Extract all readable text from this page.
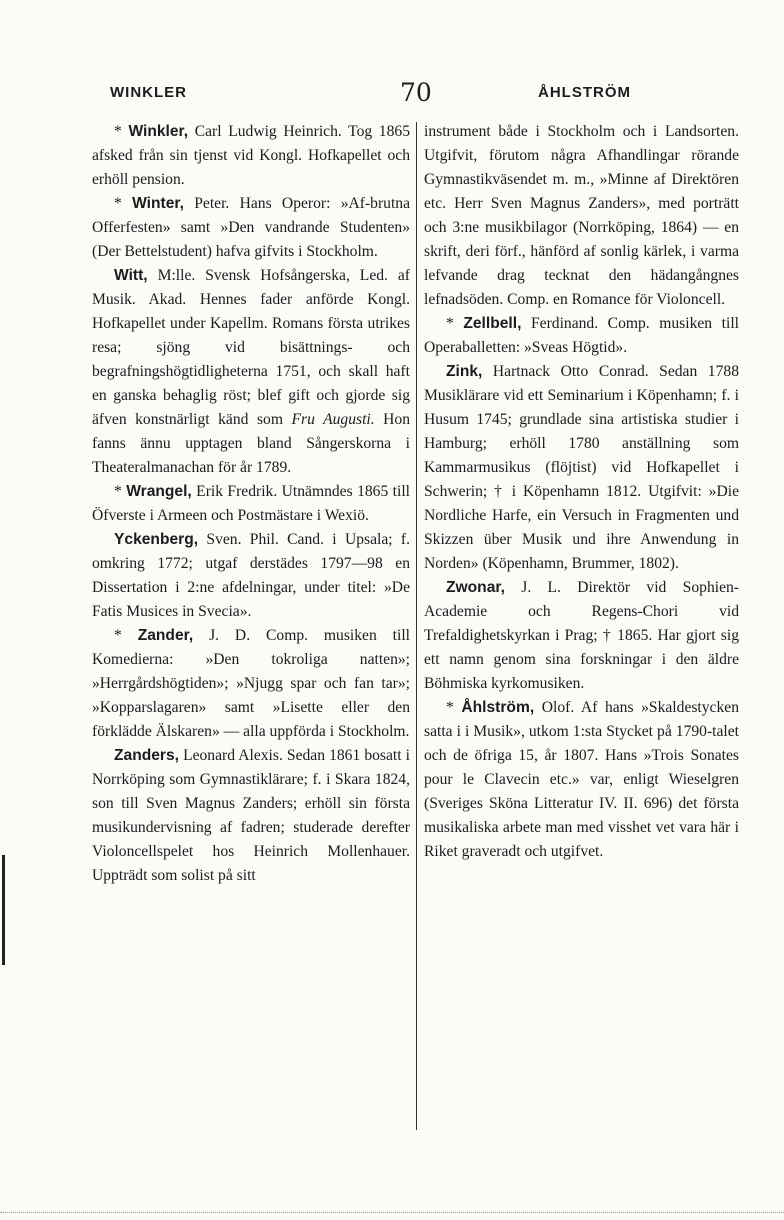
WINKLER	70	ÅHLSTRÖM

* Winkler, Carl Ludwig Heinrich. Tog 1865 afsked från sin tjenst vid Kongl. Hofkapellet och erhöll pension.

* Winter, Peter. Hans Operor: »Af-brutna Offerfesten» samt »Den vandrande Studenten» (Der Bettelstudent) hafva gifvits i Stockholm.

Witt, M:lle. Svensk Hofsångerska, Led. af Musik. Akad. Hennes fader anförde Kongl. Hofkapellet under Kapellm. Romans första utrikes resa; sjöng vid bisättnings- och begrafningshögtidligheterna 1751, och skall haft en ganska behaglig röst; blef gift och gjorde sig äfven konstnärligt känd som Fru Augusti. Hon fanns ännu upptagen bland Sångerskorna i Theateralmanachan för år 1789.

* Wrangel, Erik Fredrik. Utnämndes 1865 till Öfverste i Armeen och Postmästare i Wexiö.

Yckenberg, Sven. Phil. Cand. i Upsala; f. omkring 1772; utgaf derstädes 1797—98 en Dissertation i 2:ne afdelningar, under titel: »De Fatis Musices in Svecia».

* Zander, J. D. Comp. musiken till Komedierna: »Den tokroliga natten»; »Herrgårdshögtiden»; »Njugg spar och fan tar»; »Kopparslagaren» samt »Lisette eller den förklädde Älskaren» — alla uppförda i Stockholm.

Zanders, Leonard Alexis. Sedan 1861 bosatt i Norrköping som Gymnastiklärare; f. i Skara 1824, son till Sven Magnus Zanders; erhöll sin första musikundervisning af fadren; studerade derefter Violoncellspelet hos Heinrich Mollenhauer. Uppträdt som solist på sitt

instrument både i Stockholm och i Landsorten. Utgifvit, förutom några Afhandlingar rörande Gymnastikväsendet m. m., »Minne af Direktören etc. Herr Sven Magnus Zanders», med porträtt och 3:ne musikbilagor (Norrköping, 1864) — en skrift, deri förf., hänförd af sonlig kärlek, i varma lefvande drag tecknat den hädangångnes lefnadsöden. Comp. en Romance för Violoncell.

* Zellbell, Ferdinand. Comp. musiken till Operaballetten: »Sveas Högtid».

Zink, Hartnack Otto Conrad. Sedan 1788 Musiklärare vid ett Seminarium i Köpenhamn; f. i Husum 1745; grundlade sina artistiska studier i Hamburg; erhöll 1780 anställning som Kammarmusikus (flöjtist) vid Hofkapellet i Schwerin; † i Köpenhamn 1812. Utgifvit: »Die Nordliche Harfe, ein Versuch in Fragmenten und Skizzen über Musik und ihre Anwendung in Norden» (Köpenhamn, Brummer, 1802).

Zwonar, J. L. Direktör vid Sophien-Academie och Regens-Chori vid Trefaldighetskyrkan i Prag; † 1865. Har gjort sig ett namn genom sina forskningar i den äldre Böhmiska kyrkomusiken.

* Åhlström, Olof. Af hans »Skaldestycken satta i i Musik», utkom 1:sta Stycket på 1790-talet och de öfriga 15, år 1807. Hans »Trois Sonates pour le Clavecin etc.» var, enligt Wieselgren (Sveriges Sköna Litteratur IV. II. 696) det första musikaliska arbete man med visshet vet vara här i Riket graveradt och utgifvet.
